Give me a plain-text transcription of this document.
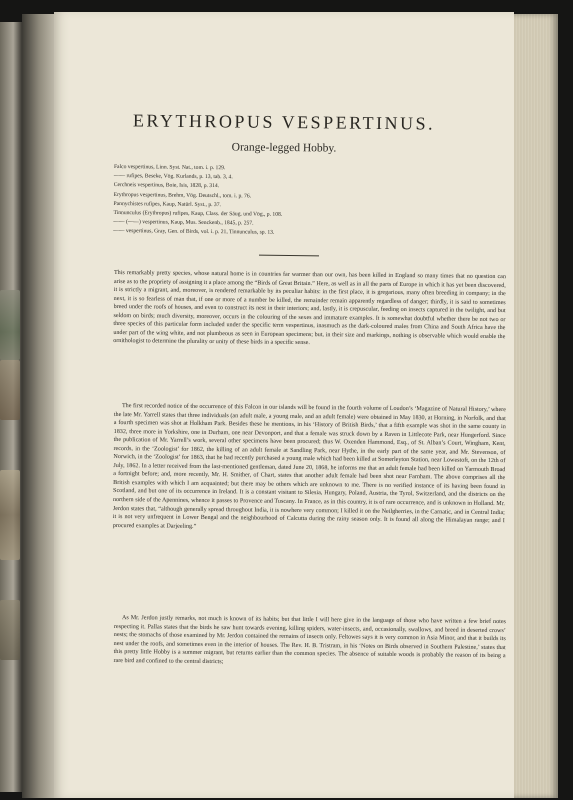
ERYTHROPUS VESPERTINUS.
Orange-legged Hobby.
Falco vespertinus, Linn. Syst. Nat., tom. i. p. 129.
—— rufipes, Besеke, Vög. Kurlands, p. 13, tab. 3, 4.
Cerchneis vespertinus, Boie, Isis, 1828, p. 314.
Erythropus vespertinus, Brehm, Vög. Deutschl., tom. i. p. 76.
Pannychistes rufipes, Kaup, Natürl. Syst., p. 37.
Tinnunculus (Erythropus) rufipes, Kaup, Class. der Säug. und Vög., p. 108.
—— (——) vespertinus, Kaup, Mus. Senckenb., 1845, p. 257.
—— vespertinus, Gray, Gen. of Birds, vol. i. p. 21, Tinnunculus, sp. 13.

This remarkably pretty species, whose natural home is in countries far warmer than our own, has been killed in England so many times that no question can arise as to the propriety of assigning it a place among the “Birds of Great Britain.” Here, as well as in all the parts of Europe in which it has yet been discovered, it is strictly a migrant, and, moreover, is rendered remarkable by its peculiar habits: in the first place, it is gregarious, many often breeding in company; in the next, it is so fearless of man that, if one or more of a number be killed, the remainder remain apparently regardless of danger; thirdly, it is said to sometimes breed under the roofs of houses, and even to construct its nest in their interiors; and, lastly, it is crepuscular, feeding on insects captured in the twilight, and but seldom on birds; much diversity, moreover, occurs in the colouring of the sexes and immature examples. It is somewhat doubtful whether there be not two or three species of this particular form included under the specific term vespertinus, inasmuch as the dark-coloured males from China and South Africa have the under part of the wing white, and not plumbeous as seen in European specimens; but, in their size and markings, nothing is observable which would enable the ornithologist to determine the plurality or unity of these birds in a specific sense.

The first recorded notice of the occurrence of this Falcon in our islands will be found in the fourth volume of Loudon’s ‘Magazine of Natural History,’ where the late Mr. Yarrell states that three individuals (an adult male, a young male, and an adult female) were obtained in May 1830, at Horning, in Norfolk, and that a fourth specimen was shot at Holkham Park. Besides these he mentions, in his ‘History of British Birds,’ that a fifth example was shot in the same county in 1832, three more in Yorkshire, one in Durham, one near Devonport, and that a female was struck down by a Raven in Littlecote Park, near Hungerford. Since the publication of Mr. Yarrell’s work, several other specimens have been procured; thus W. Oxenden Hammond, Esq., of St. Alban’s Court, Wingham, Kent, records, in the ‘Zoologist’ for 1862, the killing of an adult female at Sandling Park, near Hythe, in the early part of the same year, and Mr. Stevenson, of Norwich, in the ‘Zoologist’ for 1863, that he had recently purchased a young male which had been killed at Somerleyton Station, near Lowestoft, on the 12th of July, 1862. In a letter received from the last-mentioned gentleman, dated June 20, 1868, he informs me that an adult female had been killed on Yarmouth Broad a fortnight before; and, more recently, Mr. H. Smither, of Chart, states that another adult female had been shot near Farnham. The above comprises all the British examples with which I am acquainted; but there may be others which are unknown to me. There is no verified instance of its having been found in Scotland, and but one of its occurrence in Ireland. It is a constant visitant to Silesia, Hungary, Poland, Austria, the Tyrol, Switzerland, and the districts on the northern side of the Apennines, whence it passes to Provence and Tuscany. In France, as in this country, it is of rare occurrence, and is unknown in Holland. Mr. Jerdon states that, “although generally spread throughout India, it is nowhere very common; I killed it on the Neilgherries, in the Carnatic, and in Central India; it is not very unfrequent in Lower Bengal and the neighbourhood of Calcutta during the rainy season only. It is found all along the Himalayan range; and I procured examples at Darjeeling.”

As Mr. Jerdon justly remarks, not much is known of its habits; but that little I will here give in the language of those who have written a few brief notes respecting it. Pallas states that the birds he saw hunt towards evening, killing spiders, water-insects, and, occasionally, swallows, and breed in deserted crows’ nests; the stomachs of those examined by Mr. Jerdon contained the remains of insects only. Feltowes says it is very common in Asia Minor, and that it builds its nest under the roofs, and sometimes even in the interior of houses. The Rev. H. B. Tristram, in his ‘Notes on Birds observed in Southern Palestine,’ states that this pretty little Hobby is a summer migrant, but returns earlier than the common species. The absence of suitable woods is probably the reason of its being a rare bird and confined to the central districts;
